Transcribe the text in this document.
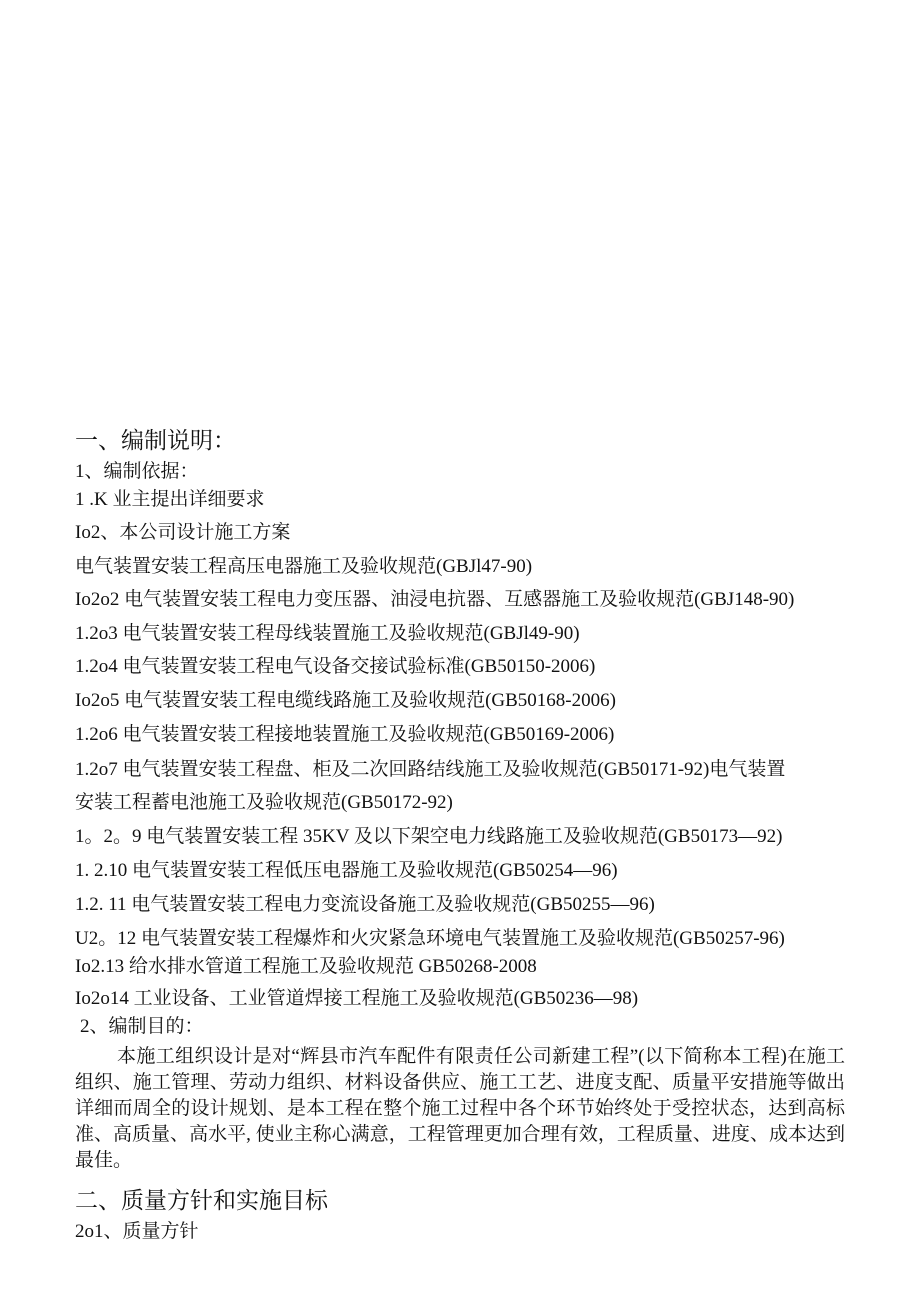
一、编制说明：
1、编制依据：
1 .K 业主提出详细要求
Io2、本公司设计施工方案
电气装置安装工程高压电器施工及验收规范(GBJl47-90)
Io2o2 电气装置安装工程电力变压器、油浸电抗器、互感器施工及验收规范(GBJ148-90)
1.2o3 电气装置安装工程母线装置施工及验收规范(GBJl49-90)
1.2o4 电气装置安装工程电气设备交接试验标准(GB50150-2006)
Io2o5 电气装置安装工程电缆线路施工及验收规范(GB50168-2006)
1.2o6 电气装置安装工程接地装置施工及验收规范(GB50169-2006)
1.2o7 电气装置安装工程盘、柜及二次回路结线施工及验收规范(GB50171-92)电气装置
安装工程蓄电池施工及验收规范(GB50172-92)
1。2。9 电气装置安装工程 35KV 及以下架空电力线路施工及验收规范(GB50173—92)
1. 2.10 电气装置安装工程低压电器施工及验收规范(GB50254—96)
1.2. 11 电气装置安装工程电力变流设备施工及验收规范(GB50255—96)
U2。12 电气装置安装工程爆炸和火灾紧急环境电气装置施工及验收规范(GB50257-96)
Io2.13 给水排水管道工程施工及验收规范 GB50268-2008
Io2o14 工业设备、工业管道焊接工程施工及验收规范(GB50236—98)
2、编制目的：
本施工组织设计是对“辉县市汽车配件有限责任公司新建工程”(以下简称本工程)在施工组织、施工管理、劳动力组织、材料设备供应、施工工艺、进度支配、质量平安措施等做出详细而周全的设计规划、是本工程在整个施工过程中各个环节始终处于受控状态，达到高标准、高质量、高水平, 使业主称心满意，工程管理更加合理有效，工程质量、进度、成本达到最佳。
二、质量方针和实施目标
2o1、质量方针
